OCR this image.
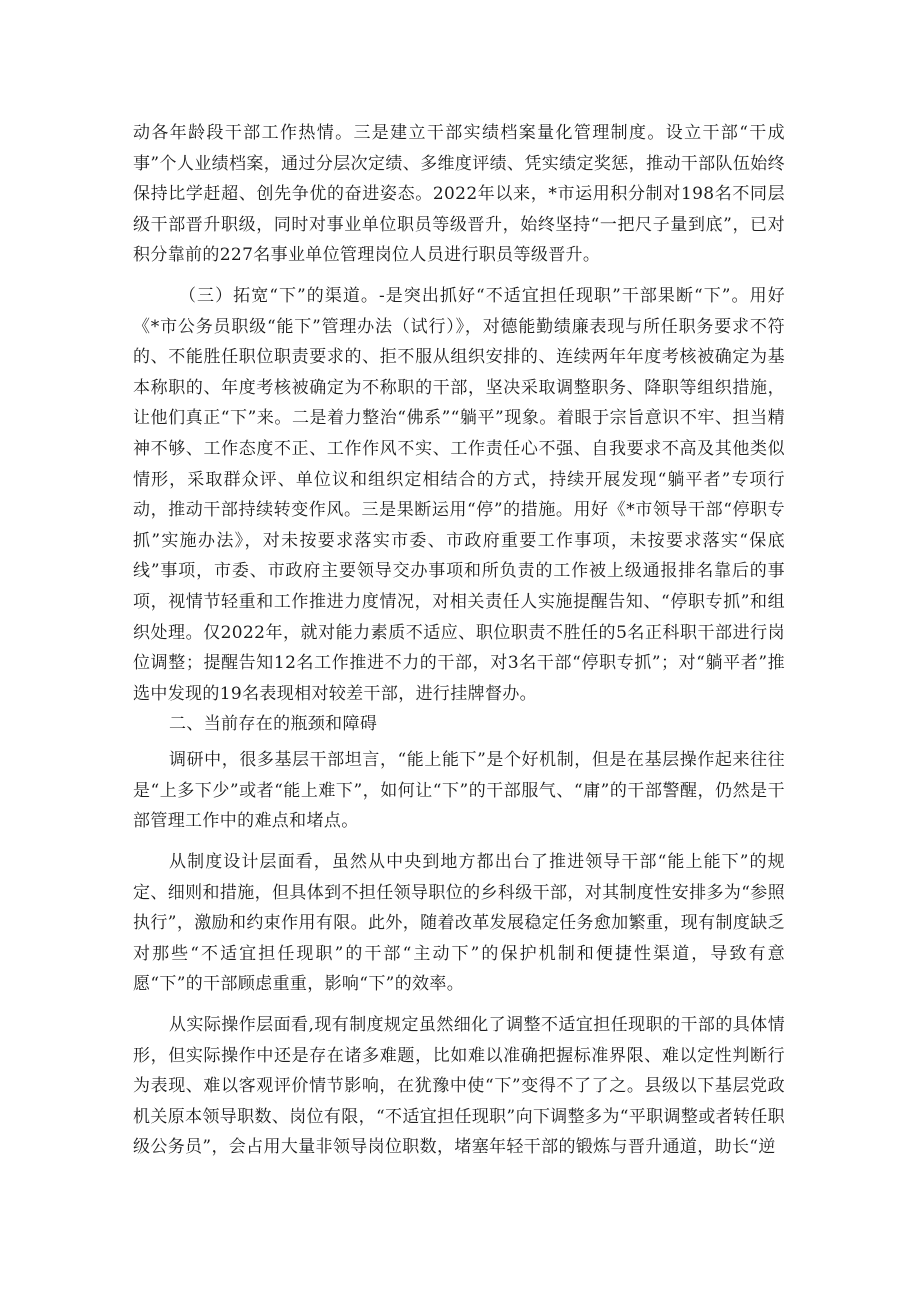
动各年龄段干部工作热情。三是建立干部实绩档案量化管理制度。设立干部“干成事”个人业绩档案，通过分层次定绩、多维度评绩、凭实绩定奖惩，推动干部队伍始终保持比学赶超、创先争优的奋进姿态。2022年以来，*市运用积分制对198名不同层级干部晋升职级，同时对事业单位职员等级晋升，始终坚持“一把尺子量到底”，已对积分靠前的227名事业单位管理岗位人员进行职员等级晋升。

（三）拓宽“下”的渠道。-是突出抓好“不适宜担任现职”干部果断“下”。用好《*市公务员职级“能下”管理办法（试行）》，对德能勤绩廉表现与所任职务要求不符的、不能胜任职位职责要求的、拒不服从组织安排的、连续两年年度考核被确定为基本称职的、年度考核被确定为不称职的干部，坚决采取调整职务、降职等组织措施，让他们真正“下”来。二是着力整治“佛系”“躺平”现象。着眼于宗旨意识不牢、担当精神不够、工作态度不正、工作作风不实、工作责任心不强、自我要求不高及其他类似情形，采取群众评、单位议和组织定相结合的方式，持续开展发现“躺平者”专项行动，推动干部持续转变作风。三是果断运用“停”的措施。用好《*市领导干部“停职专抓”实施办法》，对未按要求落实市委、市政府重要工作事项，未按要求落实“保底线”事项，市委、市政府主要领导交办事项和所负责的工作被上级通报排名靠后的事项，视情节轻重和工作推进力度情况，对相关责任人实施提醒告知、“停职专抓”和组织处理。仅2022年，就对能力素质不适应、职位职责不胜任的5名正科职干部进行岗位调整；提醒告知12名工作推进不力的干部，对3名干部“停职专抓”；对“躺平者”推选中发现的19名表现相对较差干部，进行挂牌督办。

二、当前存在的瓶颈和障碍

调研中，很多基层干部坦言，“能上能下”是个好机制，但是在基层操作起来往往是“上多下少”或者“能上难下”，如何让“下”的干部服气、“庸”的干部警醒，仍然是干部管理工作中的难点和堵点。

从制度设计层面看，虽然从中央到地方都出台了推进领导干部“能上能下”的规定、细则和措施，但具体到不担任领导职位的乡科级干部，对其制度性安排多为“参照执行”，激励和约束作用有限。此外，随着改革发展稳定任务愈加繁重，现有制度缺乏对那些“不适宜担任现职”的干部“主动下”的保护机制和便捷性渠道，导致有意愿“下”的干部顾虑重重，影响“下”的效率。

从实际操作层面看,现有制度规定虽然细化了调整不适宜担任现职的干部的具体情形，但实际操作中还是存在诸多难题，比如难以准确把握标准界限、难以定性判断行为表现、难以客观评价情节影响，在犹豫中使“下”变得不了了之。县级以下基层党政机关原本领导职数、岗位有限，“不适宜担任现职”向下调整多为“平职调整或者转任职级公务员”，会占用大量非领导岗位职数，堵塞年轻干部的锻炼与晋升通道，助长“逆
